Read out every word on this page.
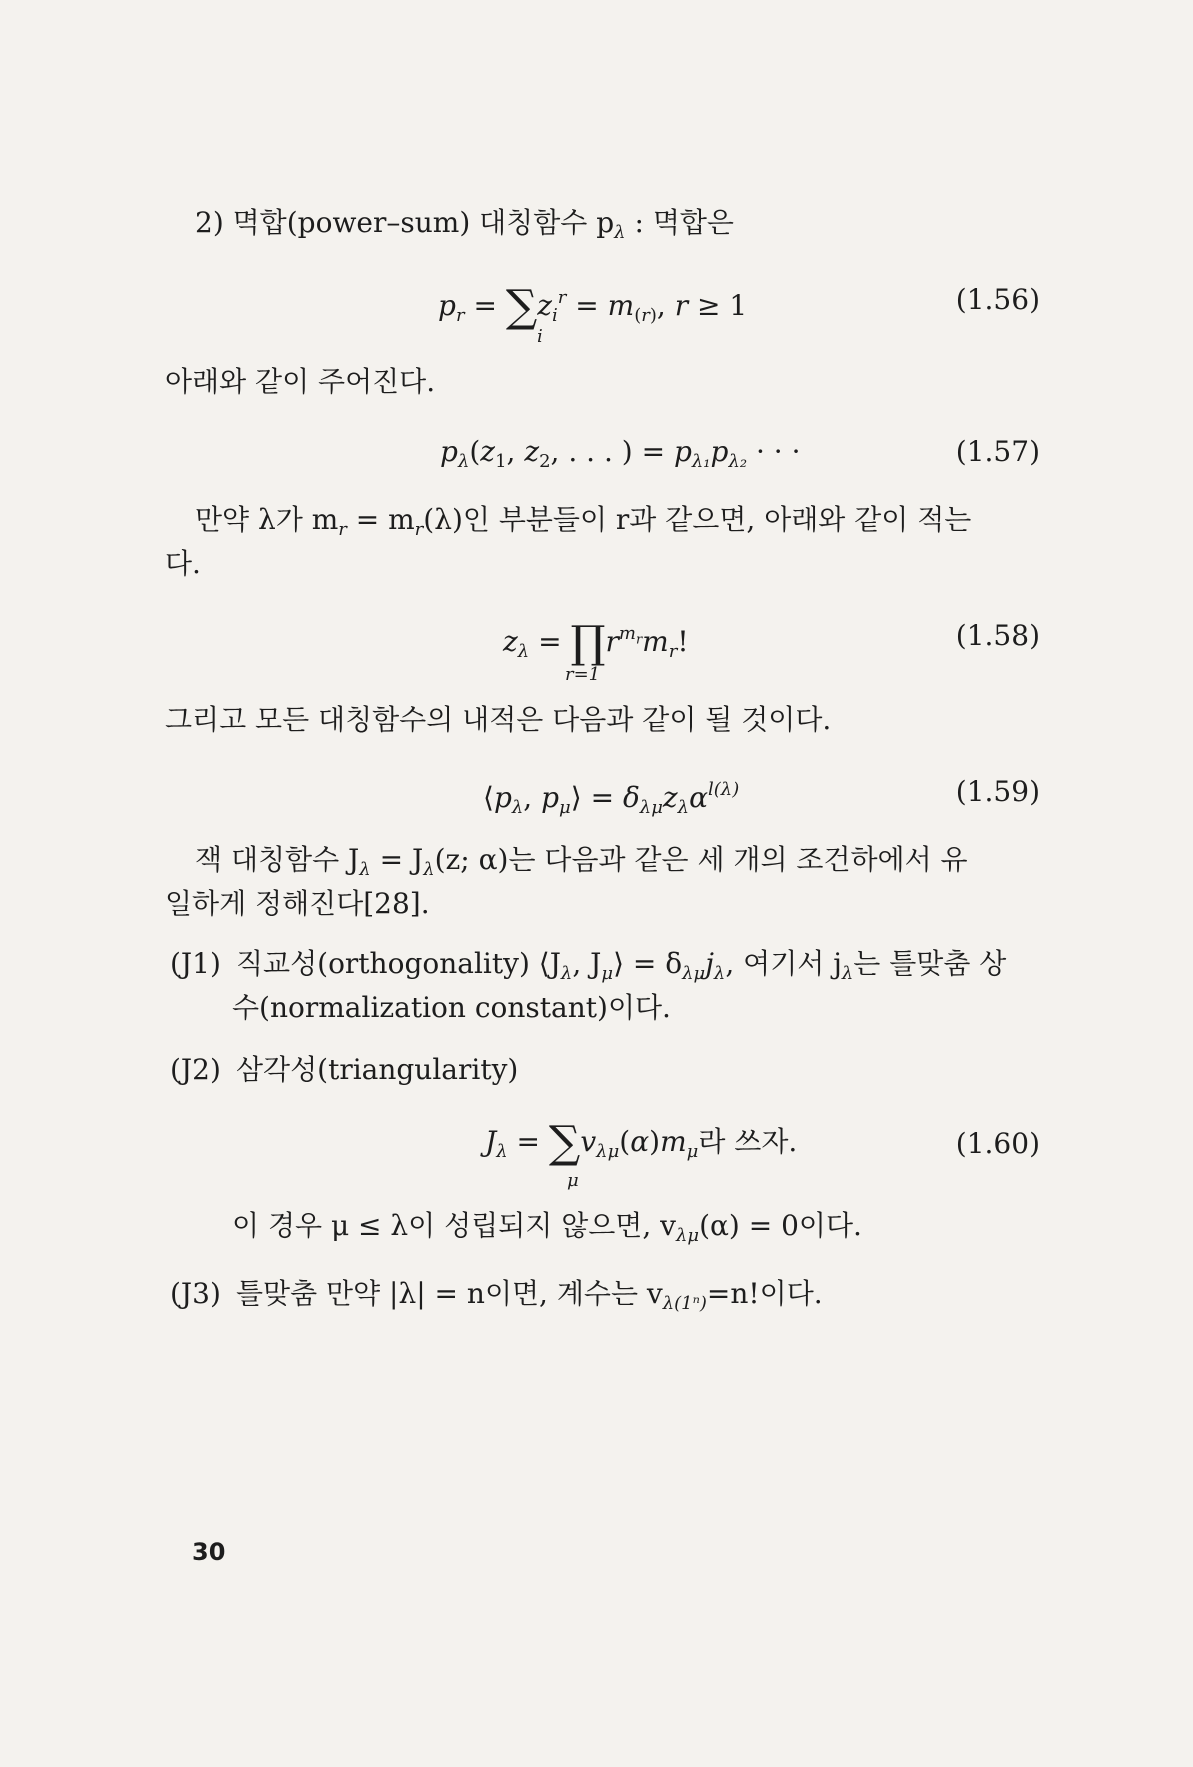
2) 멱합(power–sum) 대칭함수 $p_\lambda$ : 멱합은
$p_r = \sum z_i^r = m_{(r)}$, r ≥ 1
i
(1.56)
아래와 같이 주어진다.
$p_\lambda(z_1$, $z_2$, . . . ) = $p_{\lambda_1}p_{\lambda_2}$ · · ·	(1.57)
만약 λ가 $m_r = m_r(\lambda)$인 부분들이 r과 같으면, 아래와 같이 적는
다.
$z_\lambda$ = $\prod r^{m_r}m_r$!
r=1
(1.58)
그리고 모든 대칭함수의 내적은 다음과 같이 될 것이다.
$⟨p_\lambda$, $p_\mu⟩ = \delta_{\lambda\mu}z_\lambda\alpha^{l(\lambda)}$	(1.59)
잭 대칭함수 $J_\lambda = J_\lambda(z$; α)는 다음과 같은 세 개의 조건하에서 유
일하게 정해진다[28].
(J1) 직교성(orthogonality) $⟨J_\lambda$, $J_\mu⟩ = \delta_{\lambda\mu}j_\lambda$, 여기서 $j_\lambda$는 틀맞춤 상
수(normalization constant)이다.
(J2) 삼각성(triangularity)
$J_\lambda = \sum v_{\lambda\mu}(\alpha)m_\mu$라 쓰자.
μ
(1.60)
이 경우 μ ≤ λ이 성립되지 않으면, $v_{\lambda\mu}(\alpha) = 0$이다.
(J3) 틀맞춤 만약 |λ| = n이면, 계수는 $v_{\lambda(1^n)}=n$!이다.
30
